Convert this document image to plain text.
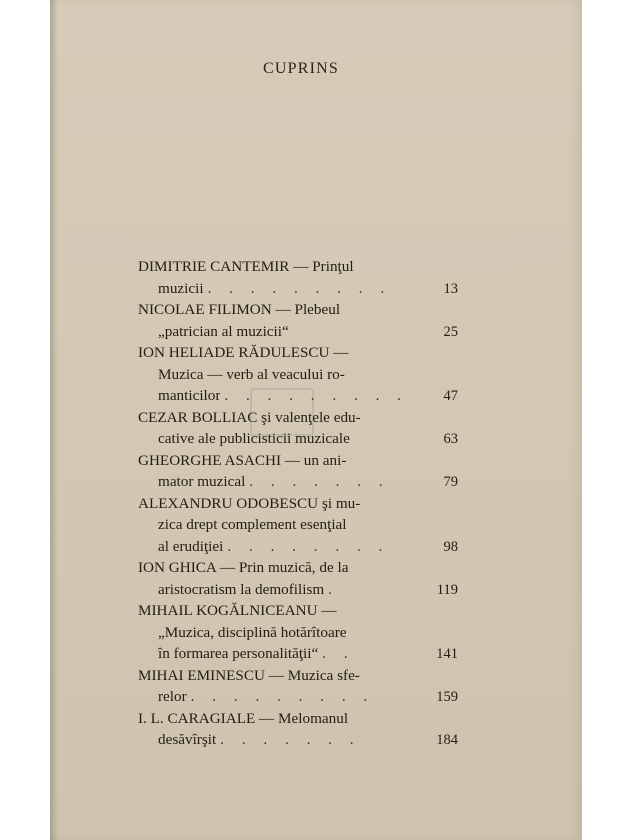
CUPRINS
DIMITRIE CANTEMIR — Prinţul
muzicii . . . . . . . . .	13
NICOLAE FILIMON — Plebeul
„patrician al muzicii“	25
ION HELIADE RĂDULESCU —
Muzica — verb al veacului ro-
manticilor . . . . . . . . .	47
CEZAR BOLLIAC şi valenţele edu-
cative ale publicisticii muzicale	63
GHEORGHE ASACHI — un ani-
mator muzical . . . . . . .	79
ALEXANDRU ODOBESCU şi mu-
zica drept complement esenţial
al erudiţiei . . . . . . . .	98
ION GHICA — Prin muzică, de la
aristocratism la demofilism .	119
MIHAIL KOGĂLNICEANU —
„Muzica, disciplină hotărîtoare
în formarea personalităţii“ . .	141
MIHAI EMINESCU — Muzica sfe-
relor . . . . . . . . .	159
I. L. CARAGIALE — Melomanul
desăvîrşit . . . . . . .	184
